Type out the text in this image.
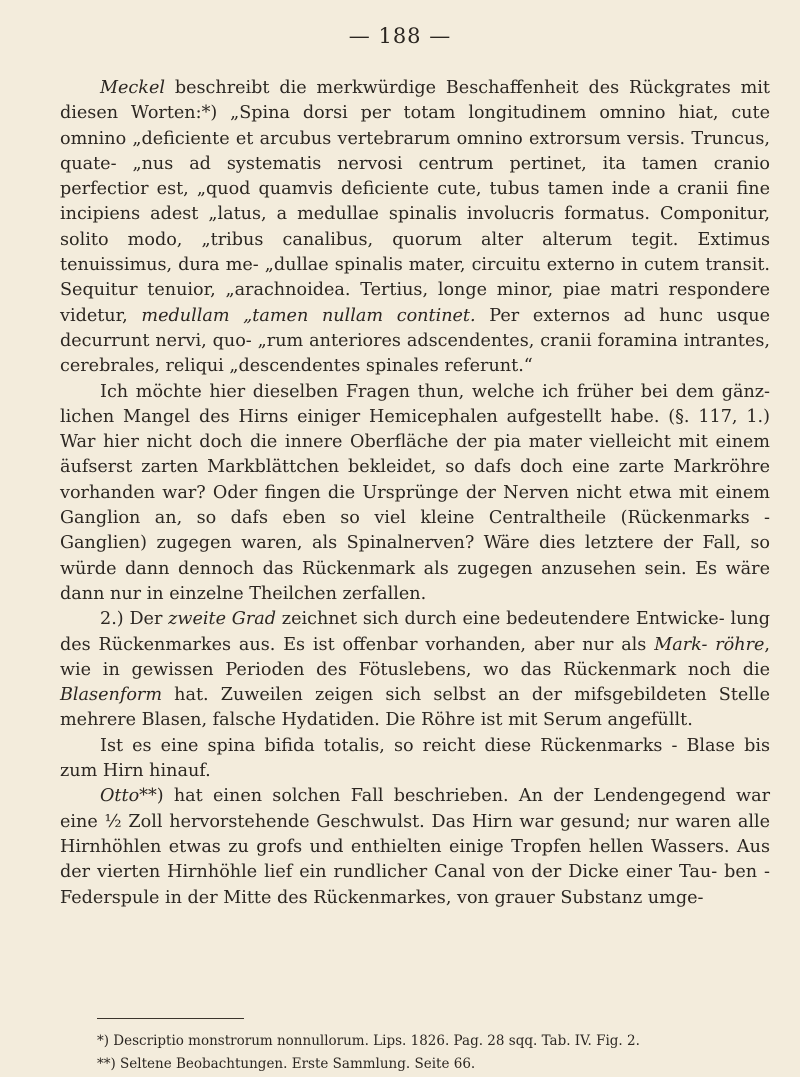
— 188 —

Meckel beschreibt die merkwürdige Beschaffenheit des Rückgrates mit diesen Worten:*) „Spina dorsi per totam longitudinem omnino hiat, cute omnino „deficiente et arcubus vertebrarum omnino extrorsum versis. Truncus, quate- „nus ad systematis nervosi centrum pertinet, ita tamen cranio perfectior est, „quod quamvis deficiente cute, tubus tamen inde a cranii fine incipiens adest „latus, a medullae spinalis involucris formatus. Componitur, solito modo, „tribus canalibus, quorum alter alterum tegit. Extimus tenuissimus, dura me- „dullae spinalis mater, circuitu externo in cutem transit. Sequitur tenuior, „arachnoidea. Tertius, longe minor, piae matri respondere videtur, medullam „tamen nullam continet. Per externos ad hunc usque decurrunt nervi, quo- „rum anteriores adscendentes, cranii foramina intrantes, cerebrales, reliqui „descendentes spinales referunt.“

Ich möchte hier dieselben Fragen thun, welche ich früher bei dem gänz- lichen Mangel des Hirns einiger Hemicephalen aufgestellt habe. (§. 117, 1.) War hier nicht doch die innere Oberfläche der pia mater vielleicht mit einem äufserst zarten Markblättchen bekleidet, so dafs doch eine zarte Markröhre vorhanden war? Oder fingen die Ursprünge der Nerven nicht etwa mit einem Ganglion an, so dafs eben so viel kleine Centraltheile (Rückenmarks - Ganglien) zugegen waren, als Spinalnerven? Wäre dies letztere der Fall, so würde dann dennoch das Rückenmark als zugegen anzusehen sein. Es wäre dann nur in einzelne Theilchen zerfallen.

2.) Der zweite Grad zeichnet sich durch eine bedeutendere Entwicke- lung des Rückenmarkes aus. Es ist offenbar vorhanden, aber nur als Mark- röhre, wie in gewissen Perioden des Fötuslebens, wo das Rückenmark noch die Blasenform hat. Zuweilen zeigen sich selbst an der mifsgebildeten Stelle mehrere Blasen, falsche Hydatiden. Die Röhre ist mit Serum angefüllt.

Ist es eine spina bifida totalis, so reicht diese Rückenmarks - Blase bis zum Hirn hinauf.

Otto**) hat einen solchen Fall beschrieben. An der Lendengegend war eine ½ Zoll hervorstehende Geschwulst. Das Hirn war gesund; nur waren alle Hirnhöhlen etwas zu grofs und enthielten einige Tropfen hellen Wassers. Aus der vierten Hirnhöhle lief ein rundlicher Canal von der Dicke einer Tau- ben - Federspule in der Mitte des Rückenmarkes, von grauer Substanz umge-

*) Descriptio monstrorum nonnullorum. Lips. 1826. Pag. 28 sqq. Tab. IV. Fig. 2.

**) Seltene Beobachtungen. Erste Sammlung. Seite 66.
